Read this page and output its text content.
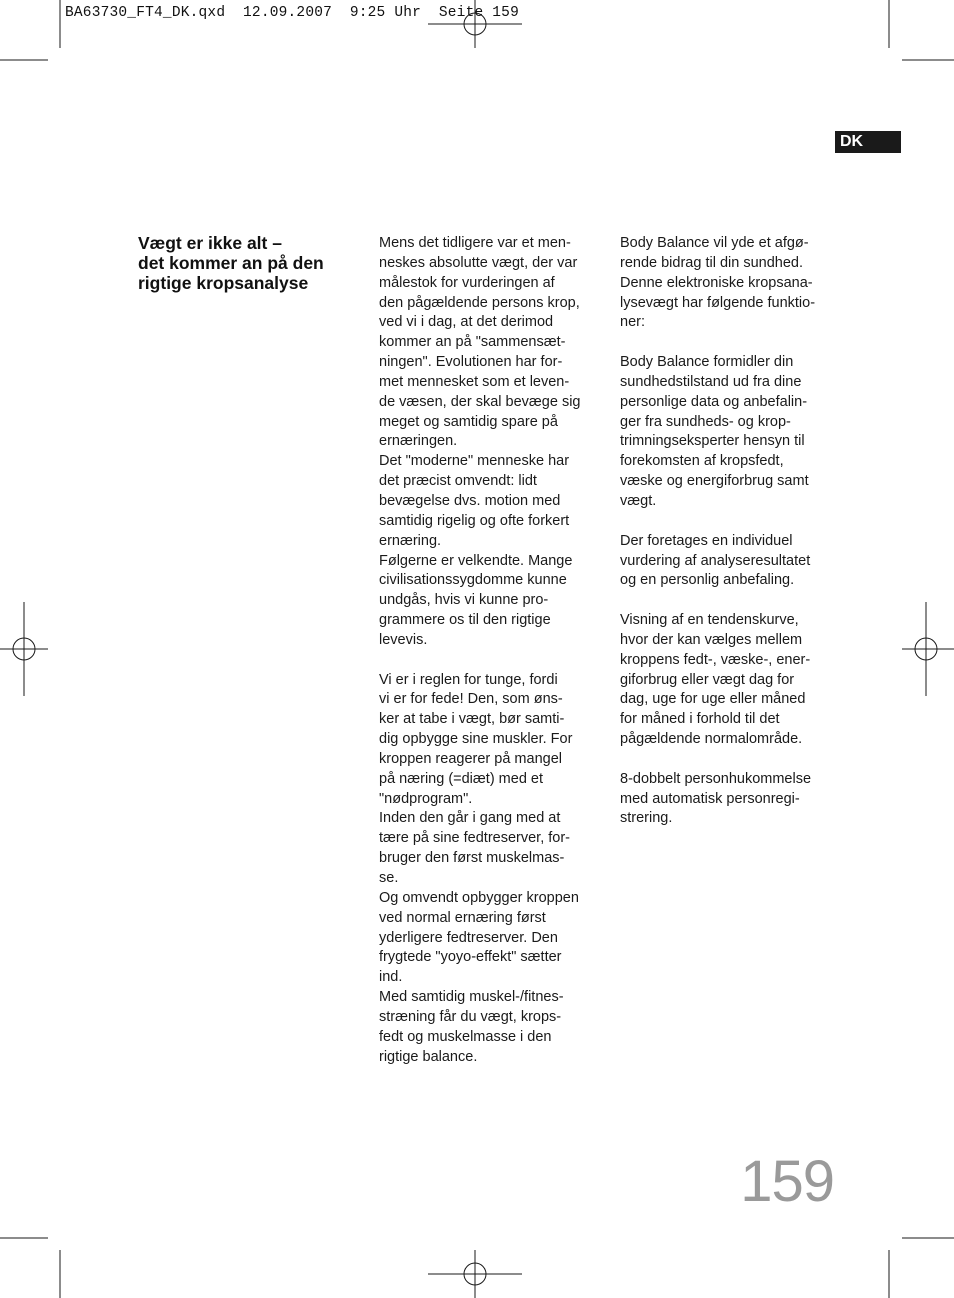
BA63730_FT4_DK.qxd  12.09.2007  9:25 Uhr  Seite 159
DK
Vægt er ikke alt –
det kommer an på den
rigtige kropsanalyse

Mens det tidligere var et men-
neskes absolutte vægt, der var
målestok for vurderingen af
den pågældende persons krop,
ved vi i dag, at det derimod
kommer an på "sammensæt-
ningen". Evolutionen har for-
met mennesket som et leven-
de væsen, der skal bevæge sig
meget og samtidig spare på
ernæringen.

Det "moderne" menneske har
det præcist omvendt: lidt
bevægelse dvs. motion med
samtidig rigelig og ofte forkert
ernæring.

Følgerne er velkendte. Mange
civilisationssygdomme kunne
undgås, hvis vi kunne pro-
grammere os til den rigtige
levevis.

Vi er i reglen for tunge, fordi
vi er for fede! Den, som øns-
ker at tabe i vægt, bør samti-
dig opbygge sine muskler. For
kroppen reagerer på mangel
på næring (=diæt) med et
"nødprogram".

Inden den går i gang med at
tære på sine fedtreserver, for-
bruger den først muskelmas-
se.

Og omvendt opbygger kroppen
ved normal ernæring først
yderligere fedtreserver. Den
frygtede "yoyo-effekt" sætter
ind.

Med samtidig muskel-/fitnes-
stræning får du vægt, krops-
fedt og muskelmasse i den
rigtige balance.

Body Balance vil yde et afgø-
rende bidrag til din sundhed.
Denne elektroniske kropsana-
lysevægt har følgende funktio-
ner:

Body Balance formidler din
sundhedstilstand ud fra dine
personlige data og anbefalin-
ger fra sundheds- og krop-
trimningseksperter hensyn til
forekomsten af kropsfedt,
væske og energiforbrug samt
vægt.

Der foretages en individuel
vurdering af analyseresultatet
og en personlig anbefaling.

Visning af en tendenskurve,
hvor der kan vælges mellem
kroppens fedt-, væske-, ener-
giforbrug eller vægt dag for
dag, uge for uge eller måned
for måned i forhold til det
pågældende normalområde.

8-dobbelt personhukommelse
med automatisk personregi-
strering.

159
